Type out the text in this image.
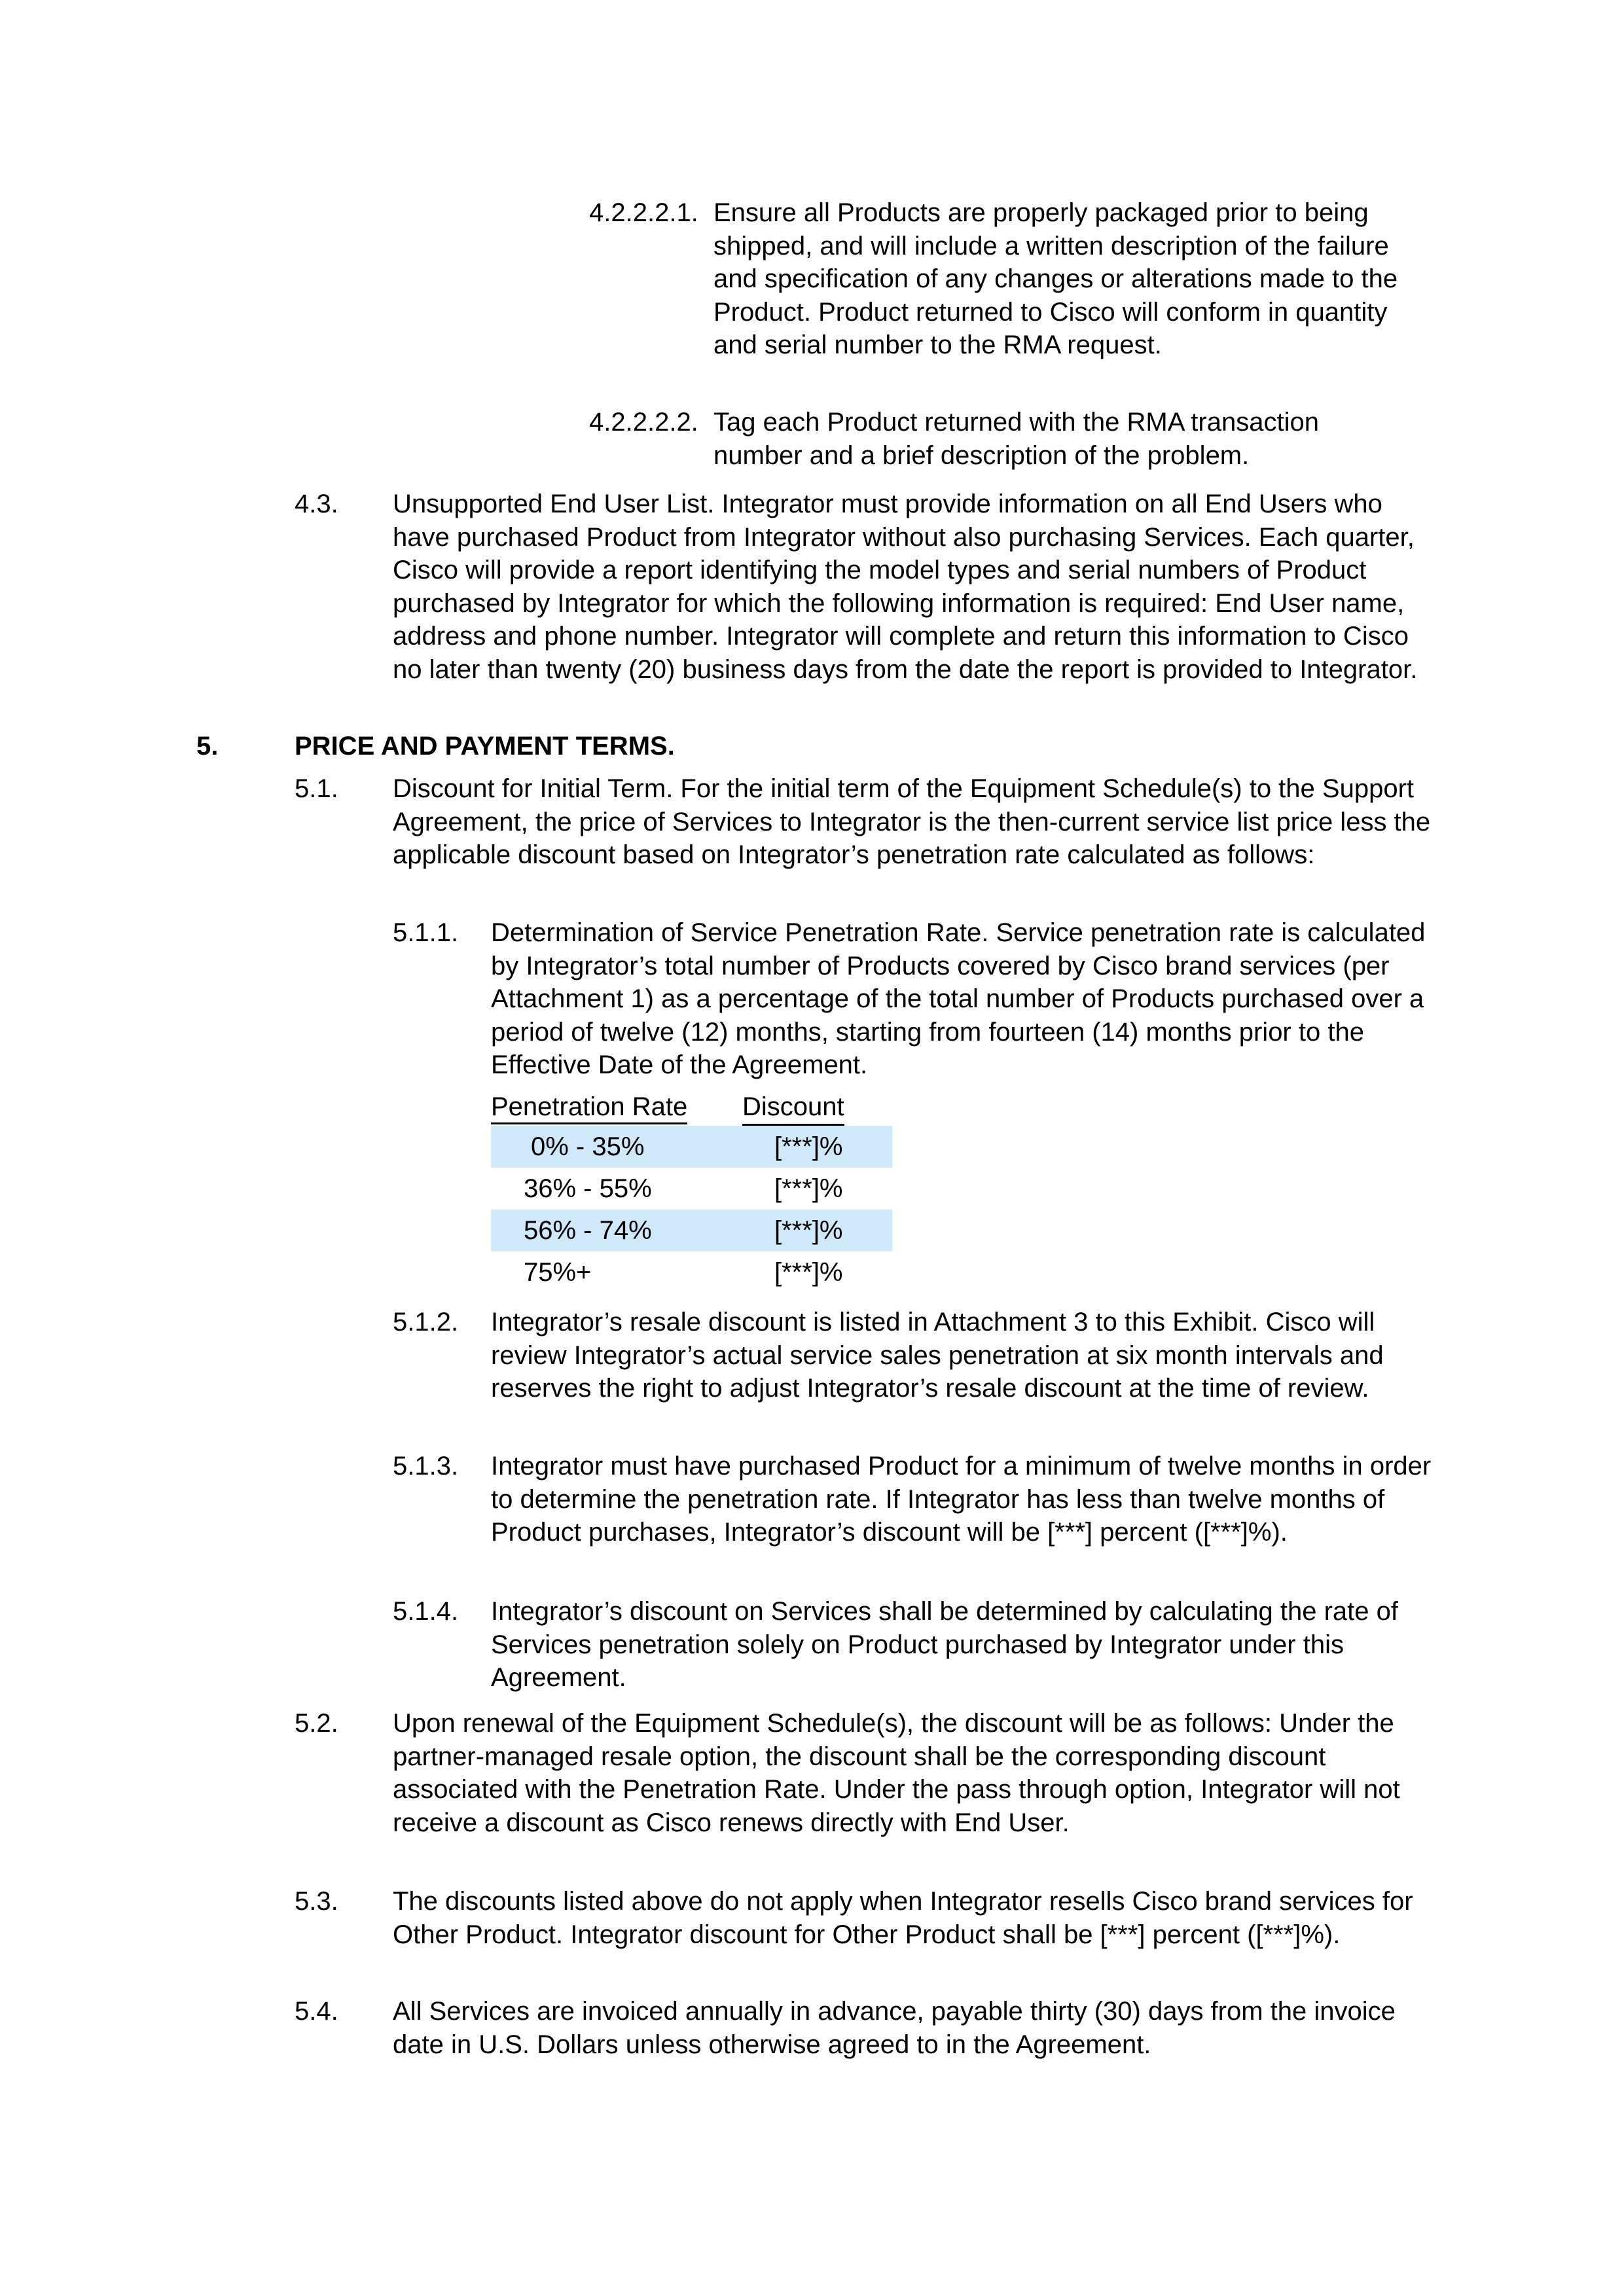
4.2.2.2.1. Ensure all Products are properly packaged prior to being shipped, and will include a written description of the failure and specification of any changes or alterations made to the Product. Product returned to Cisco will conform in quantity and serial number to the RMA request.
4.2.2.2.2. Tag each Product returned with the RMA transaction number and a brief description of the problem.
4.3.	Unsupported End User List. Integrator must provide information on all End Users who have purchased Product from Integrator without also purchasing Services. Each quarter, Cisco will provide a report identifying the model types and serial numbers of Product purchased by Integrator for which the following information is required: End User name, address and phone number. Integrator will complete and return this information to Cisco no later than twenty (20) business days from the date the report is provided to Integrator.
5.	PRICE AND PAYMENT TERMS.
5.1.	Discount for Initial Term. For the initial term of the Equipment Schedule(s) to the Support Agreement, the price of Services to Integrator is the then-current service list price less the applicable discount based on Integrator’s penetration rate calculated as follows:
5.1.1.	Determination of Service Penetration Rate. Service penetration rate is calculated by Integrator’s total number of Products covered by Cisco brand services (per Attachment 1) as a percentage of the total number of Products purchased over a period of twelve (12) months, starting from fourteen (14) months prior to the Effective Date of the Agreement.
Penetration Rate	Discount
0% - 35%	[***]%
36% - 55%	[***]%
56% - 74%	[***]%
75%+	[***]%
5.1.2.	Integrator’s resale discount is listed in Attachment 3 to this Exhibit. Cisco will review Integrator’s actual service sales penetration at six month intervals and reserves the right to adjust Integrator’s resale discount at the time of review.
5.1.3.	Integrator must have purchased Product for a minimum of twelve months in order to determine the penetration rate. If Integrator has less than twelve months of Product purchases, Integrator’s discount will be [***] percent ([***]%).
5.1.4.	Integrator’s discount on Services shall be determined by calculating the rate of Services penetration solely on Product purchased by Integrator under this Agreement.
5.2.	Upon renewal of the Equipment Schedule(s), the discount will be as follows: Under the partner-managed resale option, the discount shall be the corresponding discount associated with the Penetration Rate. Under the pass through option, Integrator will not receive a discount as Cisco renews directly with End User.
5.3.	The discounts listed above do not apply when Integrator resells Cisco brand services for Other Product. Integrator discount for Other Product shall be [***] percent ([***]%).
5.4.	All Services are invoiced annually in advance, payable thirty (30) days from the invoice date in U.S. Dollars unless otherwise agreed to in the Agreement.
